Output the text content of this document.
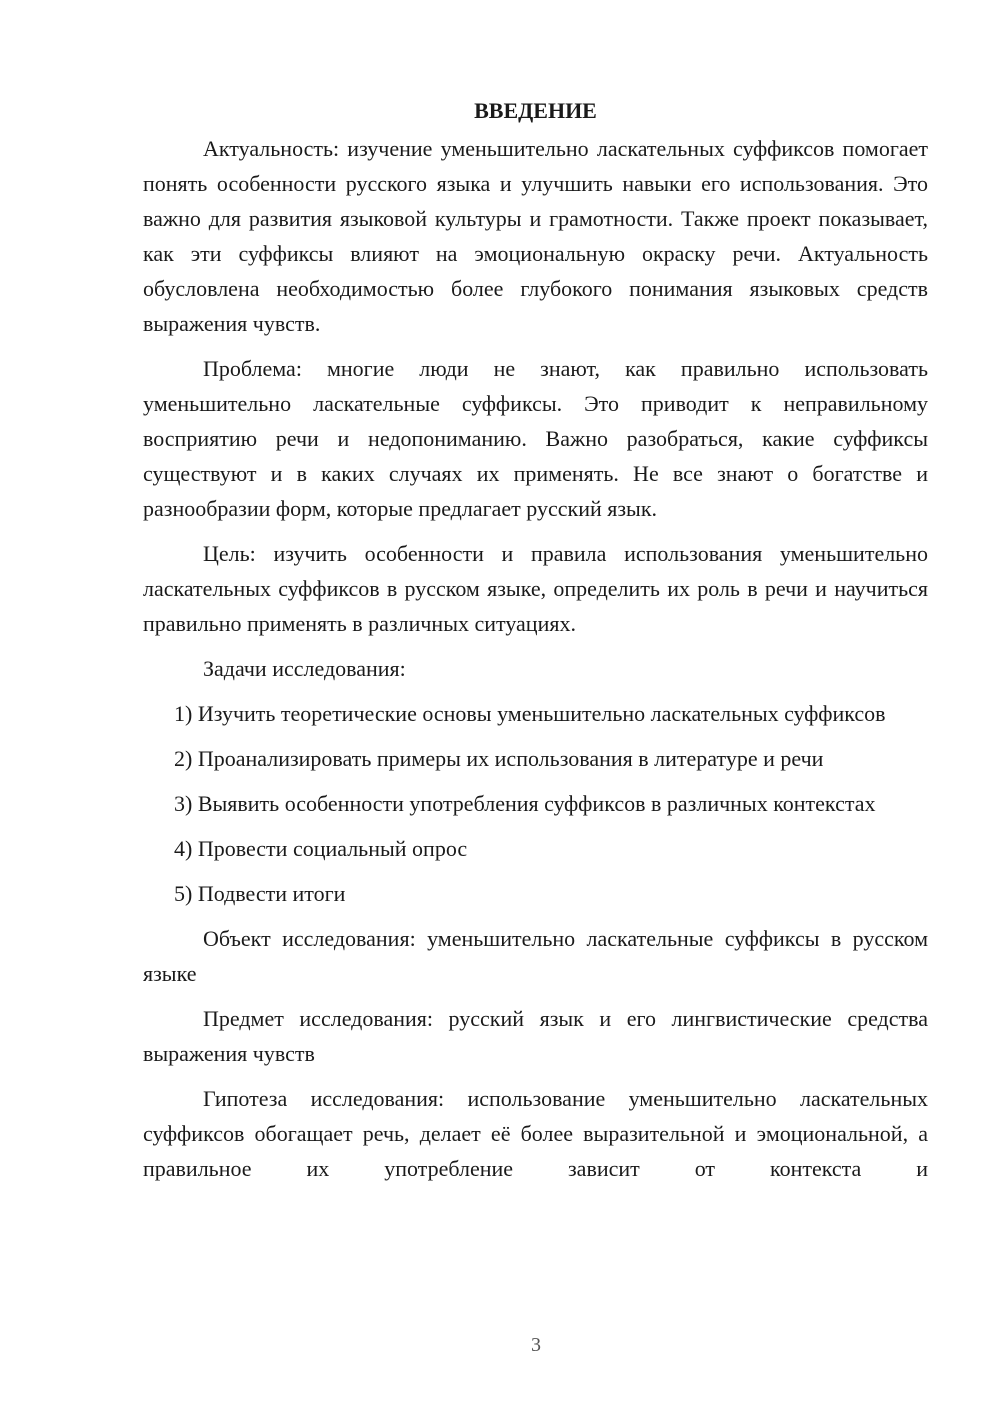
ВВЕДЕНИЕ

Актуальность: изучение уменьшительно ласкательных суффиксов помогает понять особенности русского языка и улучшить навыки его использования. Это важно для развития языковой культуры и грамотности. Также проект показывает, как эти суффиксы влияют на эмоциональную окраску речи. Актуальность обусловлена необходимостью более глубокого понимания языковых средств выражения чувств.

Проблема: многие люди не знают, как правильно использовать уменьшительно ласкательные суффиксы. Это приводит к неправильному восприятию речи и недопониманию. Важно разобраться, какие суффиксы существуют и в каких случаях их применять. Не все знают о богатстве и разнообразии форм, которые предлагает русский язык.

Цель: изучить особенности и правила использования уменьшительно ласкательных суффиксов в русском языке, определить их роль в речи и научиться правильно применять в различных ситуациях.

Задачи исследования:

1) Изучить теоретические основы уменьшительно ласкательных суффиксов

2) Проанализировать примеры их использования в литературе и речи

3) Выявить особенности употребления суффиксов в различных контекстах

4) Провести социальный опрос

5) Подвести итоги

Объект исследования: уменьшительно ласкательные суффиксы в русском языке

Предмет исследования: русский язык и его лингвистические средства выражения чувств

Гипотеза исследования: использование уменьшительно ласкательных суффиксов обогащает речь, делает её более выразительной и эмоциональной, а правильное их употребление зависит от контекста и

3
